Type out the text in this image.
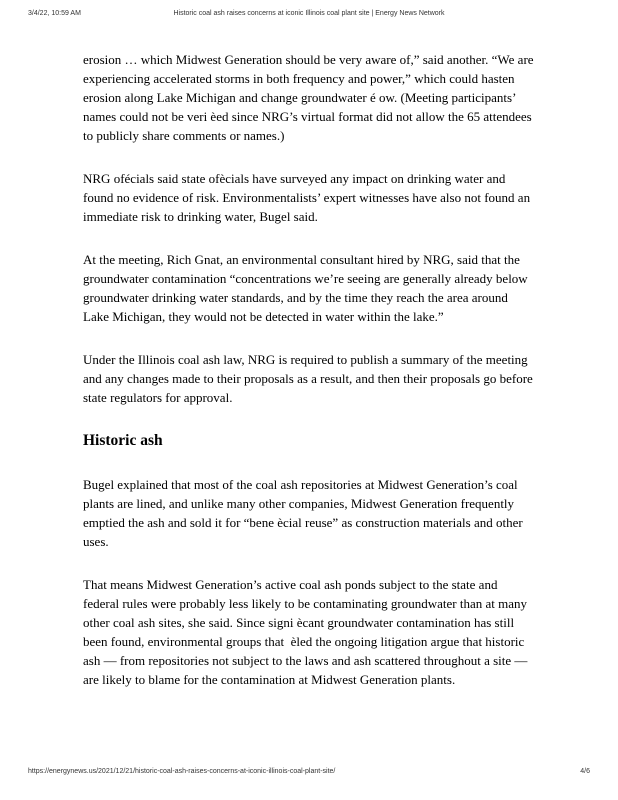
3/4/22, 10:59 AM	Historic coal ash raises concerns at iconic Illinois coal plant site | Energy News Network

erosion … which Midwest Generation should be very aware of,” said another. “We are experiencing accelerated storms in both frequency and power,” which could hasten erosion along Lake Michigan and change groundwater é ow. (Meeting participants’ names could not be veri èed since NRG’s virtual format did not allow the 65 attendees to publicly share comments or names.)

NRG ofécials said state ofècials have surveyed any impact on drinking water and found no evidence of risk. Environmentalists’ expert witnesses have also not found an immediate risk to drinking water, Bugel said.

At the meeting, Rich Gnat, an environmental consultant hired by NRG, said that the groundwater contamination “concentrations we’re seeing are generally already below groundwater drinking water standards, and by the time they reach the area around Lake Michigan, they would not be detected in water within the lake.”

Under the Illinois coal ash law, NRG is required to publish a summary of the meeting and any changes made to their proposals as a result, and then their proposals go before state regulators for approval.

Historic ash

Bugel explained that most of the coal ash repositories at Midwest Generation’s coal plants are lined, and unlike many other companies, Midwest Generation frequently emptied the ash and sold it for “bene ècial reuse” as construction materials and other uses.

That means Midwest Generation’s active coal ash ponds subject to the state and federal rules were probably less likely to be contaminating groundwater than at many other coal ash sites, she said. Since signi ècant groundwater contamination has still been found, environmental groups that  èled the ongoing litigation argue that historic ash — from repositories not subject to the laws and ash scattered throughout a site — are likely to blame for the contamination at Midwest Generation plants.

https://energynews.us/2021/12/21/historic-coal-ash-raises-concerns-at-iconic-illinois-coal-plant-site/	4/6
